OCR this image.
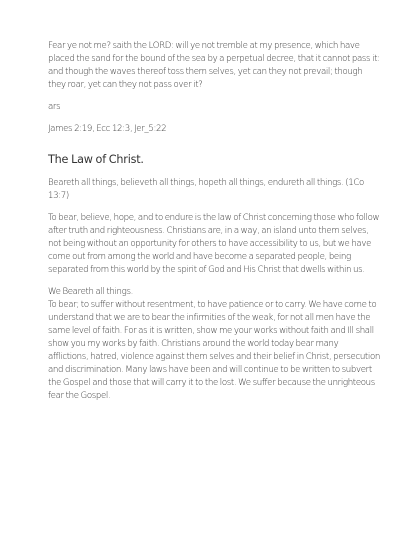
Fear ye not me? saith the LORD: will ye not tremble at my presence, which have placed the sand for the bound of the sea by a perpetual decree, that it cannot pass it: and though the waves thereof toss them selves, yet can they not prevail; though they roar, yet can they not pass over it?

ars

James 2:19, Ecc 12:3, Jer_5:22

The Law of Christ.

Beareth all things, believeth all things, hopeth all things, endureth all things. (1Co 13:7)

To bear, believe, hope, and to endure is the law of Christ concerning those who follow after truth and righteousness. Christians are, in a way, an island unto them selves, not being without an opportunity for others to have accessibility to us, but we have come out from among the world and have become a separated people, being separated from this world by the spirit of God and His Christ that dwells within us.

We Beareth all things.

To bear; to suffer without resentment, to have patience or to carry. We have come to understand that we are to bear the infirmities of the weak, for not all men have the same level of faith. For as it is written, show me your works without faith and Ill shall show you my works by faith. Christians around the world today bear many afflictions, hatred, violence against them selves and their belief in Christ, persecution and discrimination. Many laws have been and will continue to be written to subvert the Gospel and those that will carry it to the lost. We suffer because the unrighteous fear the Gospel.
